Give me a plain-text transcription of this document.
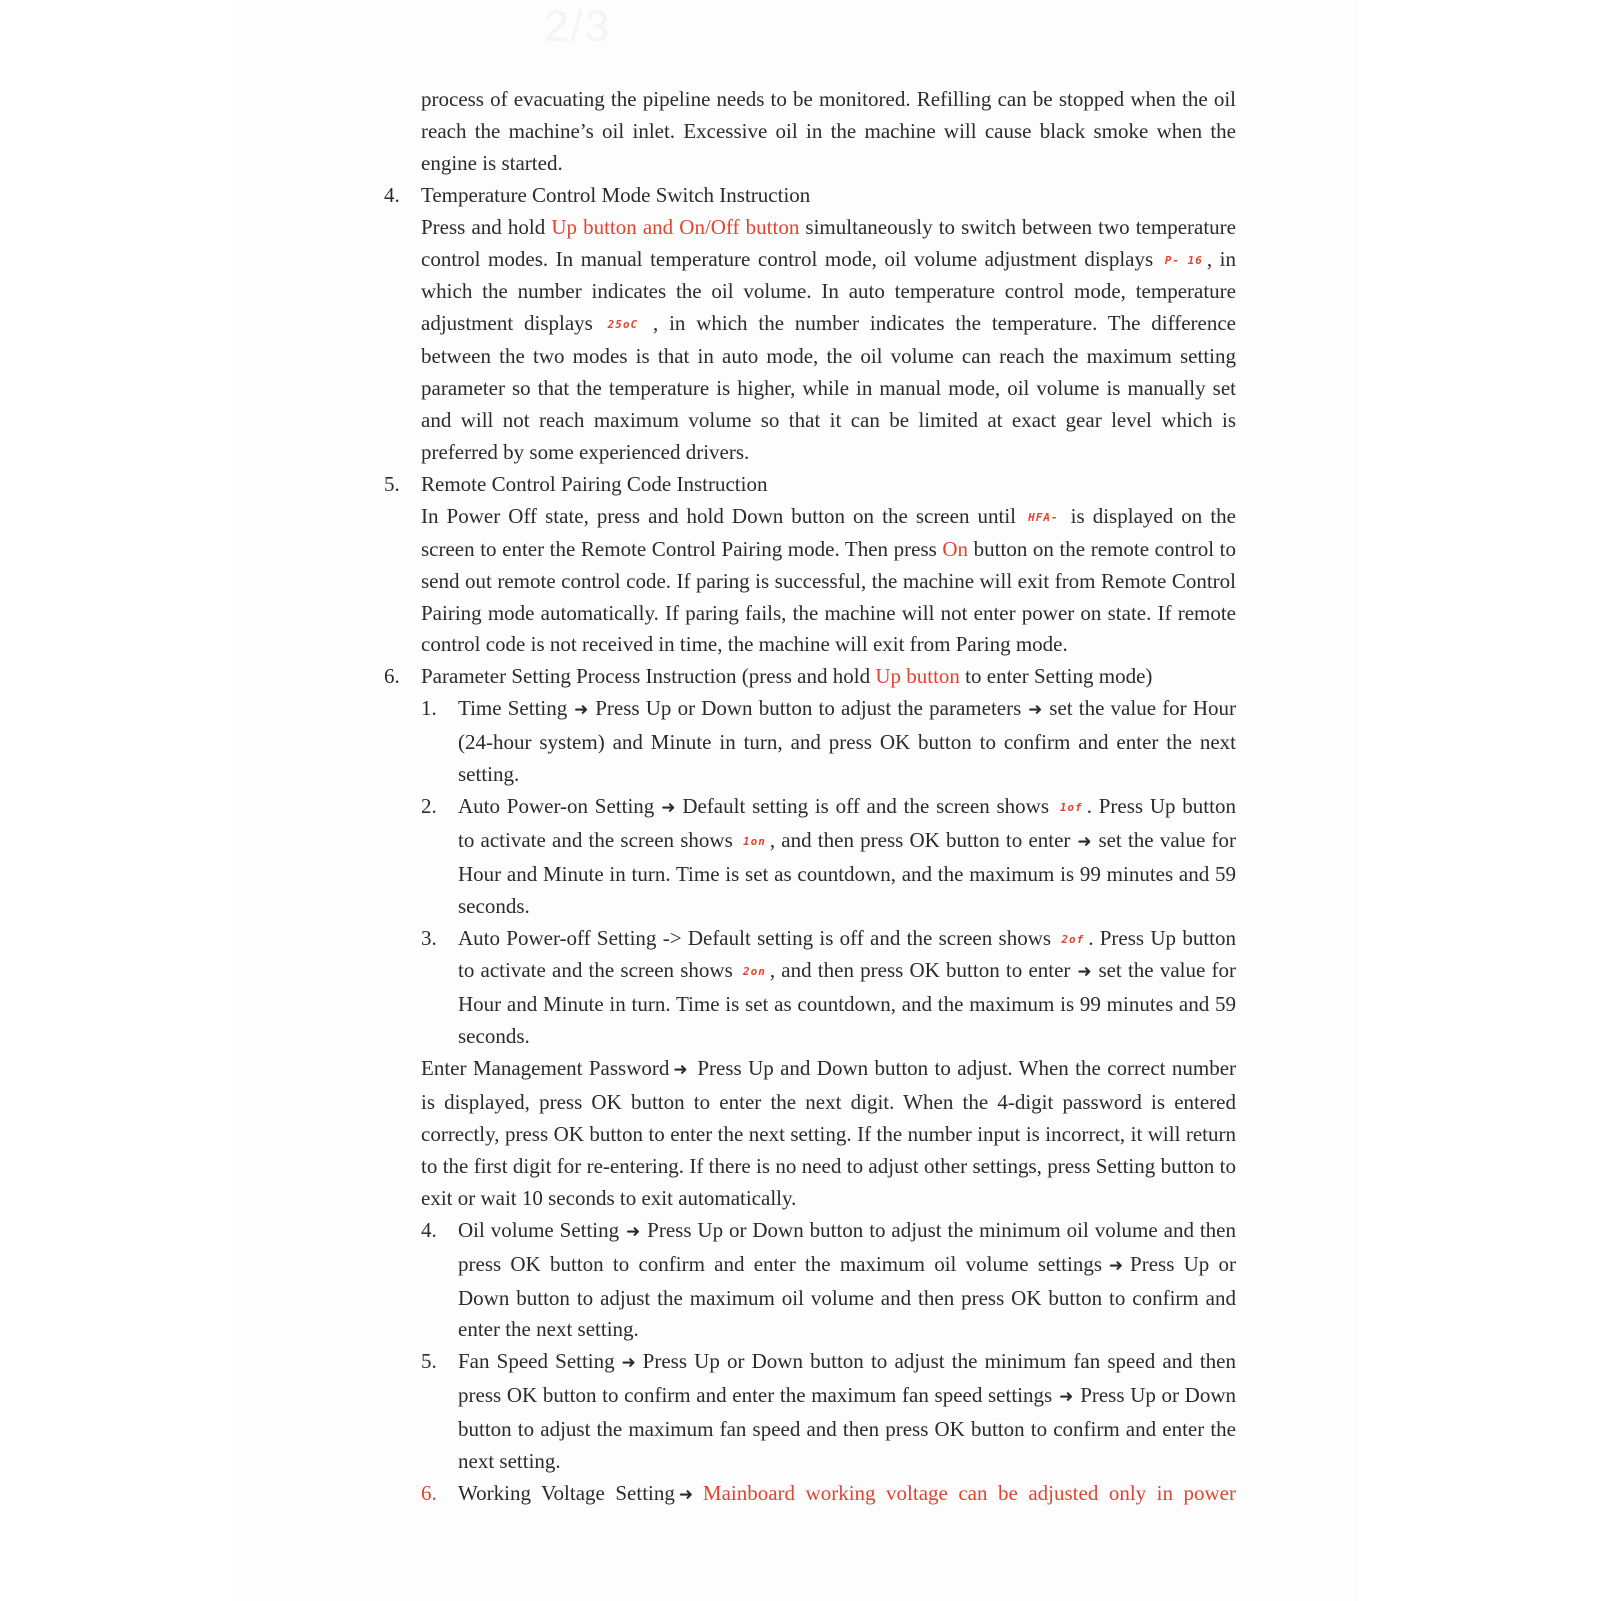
2/3

process of evacuating the pipeline needs to be monitored. Refilling can be stopped when the oil reach the machine’s oil inlet. Excessive oil in the machine will cause black smoke when the engine is started.

4.	Temperature Control Mode Switch Instruction

Press and hold Up button and On/Off button simultaneously to switch between two temperature control modes. In manual temperature control mode, oil volume adjustment displays P- 16 , in which the number indicates the oil volume. In auto temperature control mode, temperature adjustment displays 25oC , in which the number indicates the temperature. The difference between the two modes is that in auto mode, the oil volume can reach the maximum setting parameter so that the temperature is higher, while in manual mode, oil volume is manually set and will not reach maximum volume so that it can be limited at exact gear level which is preferred by some experienced drivers.

5.	Remote Control Pairing Code Instruction

In Power Off state, press and hold Down button on the screen until HFA- is displayed on the screen to enter the Remote Control Pairing mode. Then press On button on the remote control to send out remote control code. If paring is successful, the machine will exit from Remote Control Pairing mode automatically. If paring fails, the machine will not enter power on state. If remote control code is not received in time, the machine will exit from Paring mode.

6.	Parameter Setting Process Instruction (press and hold Up button to enter Setting mode)
1.	Time Setting ➜ Press Up or Down button to adjust the parameters ➜ set the value for Hour (24-hour system) and Minute in turn, and press OK button to confirm and enter the next setting.
2.	Auto Power-on Setting ➜ Default setting is off and the screen shows 1of . Press Up button to activate and the screen shows 1on , and then press OK button to enter ➜ set the value for Hour and Minute in turn. Time is set as countdown, and the maximum is 99 minutes and 59 seconds.
3.	Auto Power-off Setting -> Default setting is off and the screen shows 2of . Press Up button to activate and the screen shows 2on , and then press OK button to enter ➜ set the value for Hour and Minute in turn. Time is set as countdown, and the maximum is 99 minutes and 59 seconds.

Enter Management Password ➜ Press Up and Down button to adjust. When the correct number is displayed, press OK button to enter the next digit. When the 4-digit password is entered correctly, press OK button to enter the next setting. If the number input is incorrect, it will return to the first digit for re-entering. If there is no need to adjust other settings, press Setting button to exit or wait 10 seconds to exit automatically.

4.	Oil volume Setting ➜ Press Up or Down button to adjust the minimum oil volume and then press OK button to confirm and enter the maximum oil volume settings ➜ Press Up or Down button to adjust the maximum oil volume and then press OK button to confirm and enter the next setting.
5.	Fan Speed Setting ➜ Press Up or Down button to adjust the minimum fan speed and then press OK button to confirm and enter the maximum fan speed settings ➜ Press Up or Down button to adjust the maximum fan speed and then press OK button to confirm and enter the next setting.
6.	Working Voltage Setting ➜ Mainboard working voltage can be adjusted only in power
